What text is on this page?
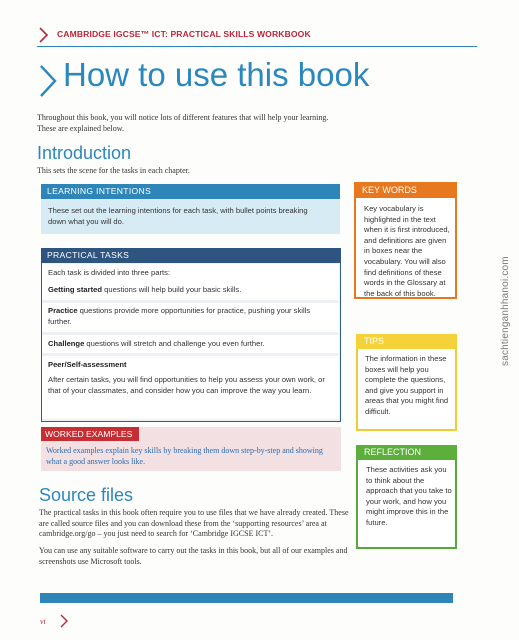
CAMBRIDGE IGCSE™ ICT: PRACTICAL SKILLS WORKBOOK
How to use this book
Throughout this book, you will notice lots of different features that will help your learning. These are explained below.
Introduction
This sets the scene for the tasks in each chapter.
LEARNING INTENTIONS
These set out the learning intentions for each task, with bullet points breaking down what you will do.
PRACTICAL TASKS
Each task is divided into three parts:
Getting started questions will help build your basic skills.
Practice questions provide more opportunities for practice, pushing your skills further.
Challenge questions will stretch and challenge you even further.
Peer/Self-assessment
After certain tasks, you will find opportunities to help you assess your own work, or that of your classmates, and consider how you can improve the way you learn.
WORKED EXAMPLES
Worked examples explain key skills by breaking them down step-by-step and showing what a good answer looks like.
Source files
The practical tasks in this book often require you to use files that we have already created. These are called source files and you can download these from the ‘supporting resources’ area at cambridge.org/go – you just need to search for ‘Cambridge IGCSE ICT’.
You can use any suitable software to carry out the tasks in this book, but all of our examples and screenshots use Microsoft tools.
KEY WORDS
Key vocabulary is highlighted in the text when it is first introduced, and definitions are given in boxes near the vocabulary. You will also find definitions of these words in the Glossary at the back of this book.
TIPS
The information in these boxes will help you complete the questions, and give you support in areas that you might find difficult.
REFLECTION
These activities ask you to think about the approach that you take to your work, and how you might improve this in the future.
sachtienganhhanoi.com
vi
